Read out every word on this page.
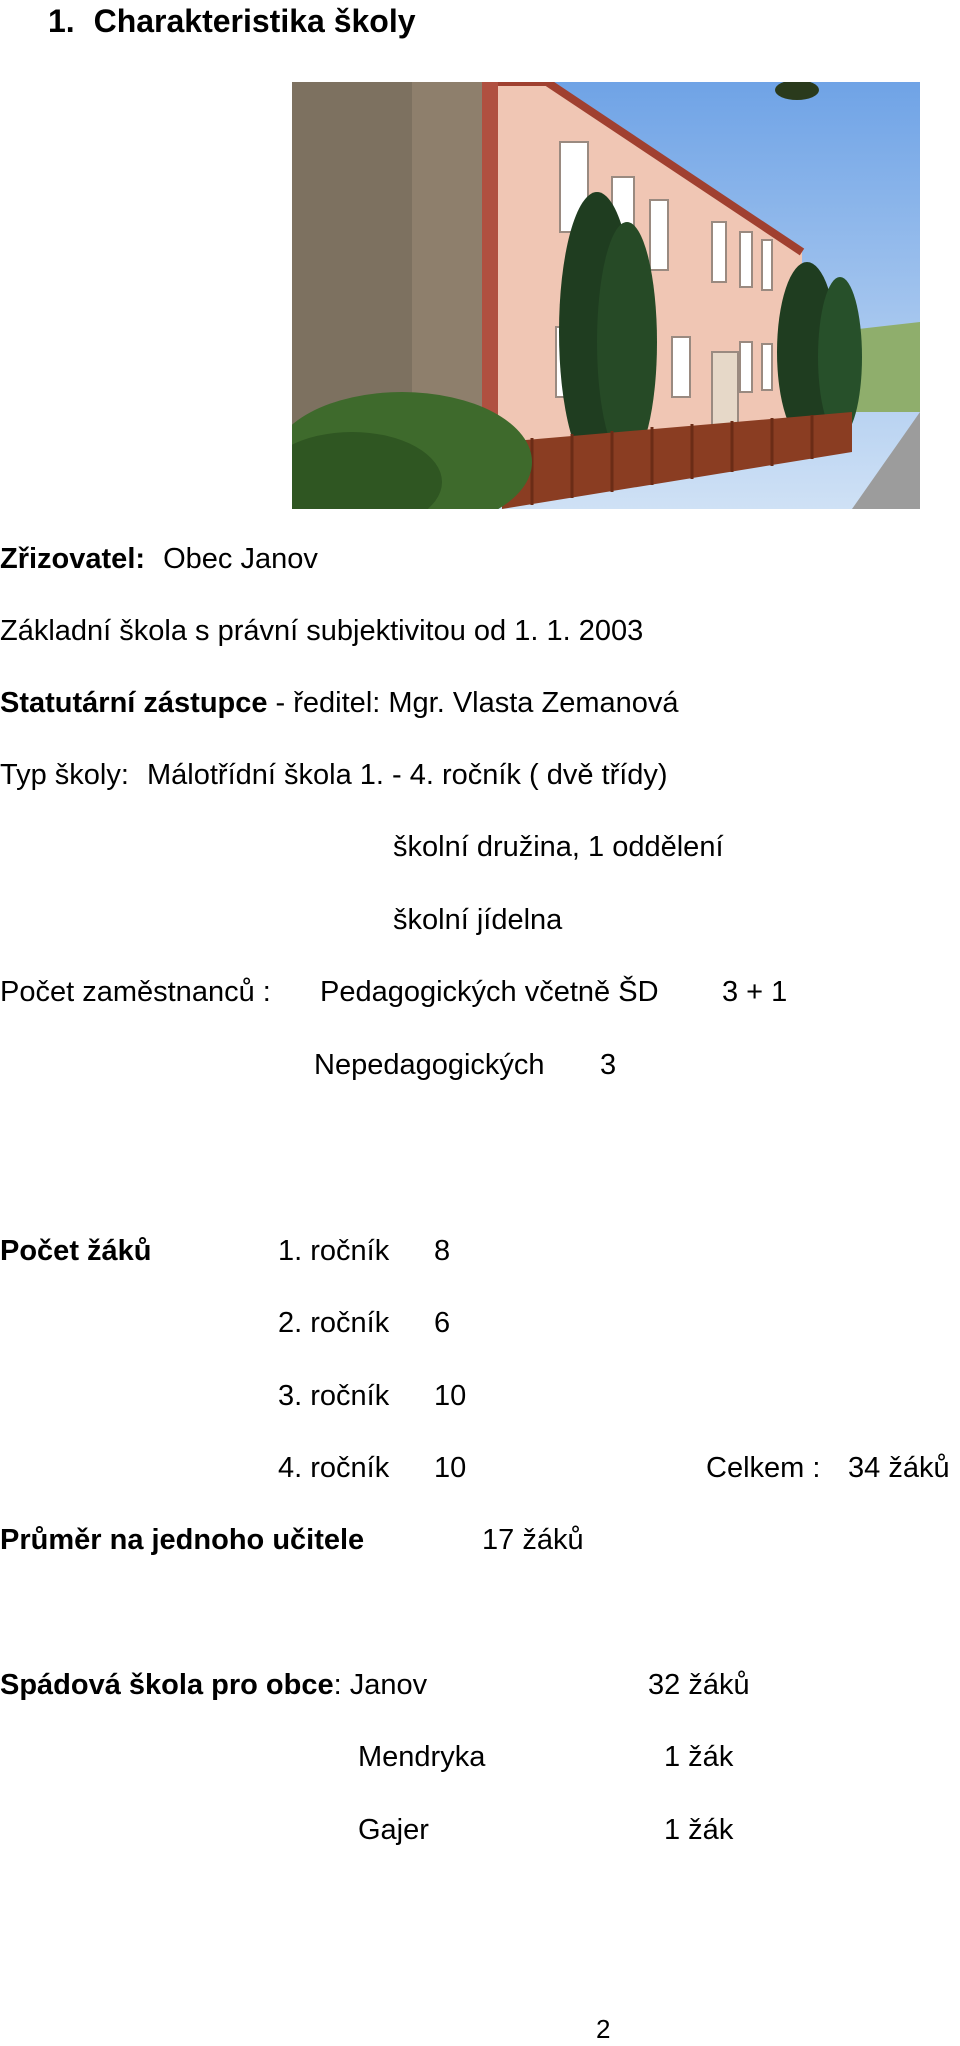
1. Charakteristika školy
Zřizovatel: Obec Janov
Základní škola s právní subjektivitou od 1. 1. 2003
Statutární zástupce - ředitel: Mgr. Vlasta Zemanová
Typ školy: Málotřídní škola 1. - 4. ročník ( dvě třídy)
školní družina, 1 oddělení
školní jídelna
Počet zaměstnanců : Pedagogických včetně ŠD 3 + 1
Nepedagogických 3
Počet žáků	1. ročník 8
2. ročník 6
3. ročník 10
4. ročník 10	Celkem : 34 žáků
Průměr na jednoho učitele	17 žáků
Spádová škola pro obce: Janov	32 žáků
Mendryka	1 žák
Gajer	1 žák
2
